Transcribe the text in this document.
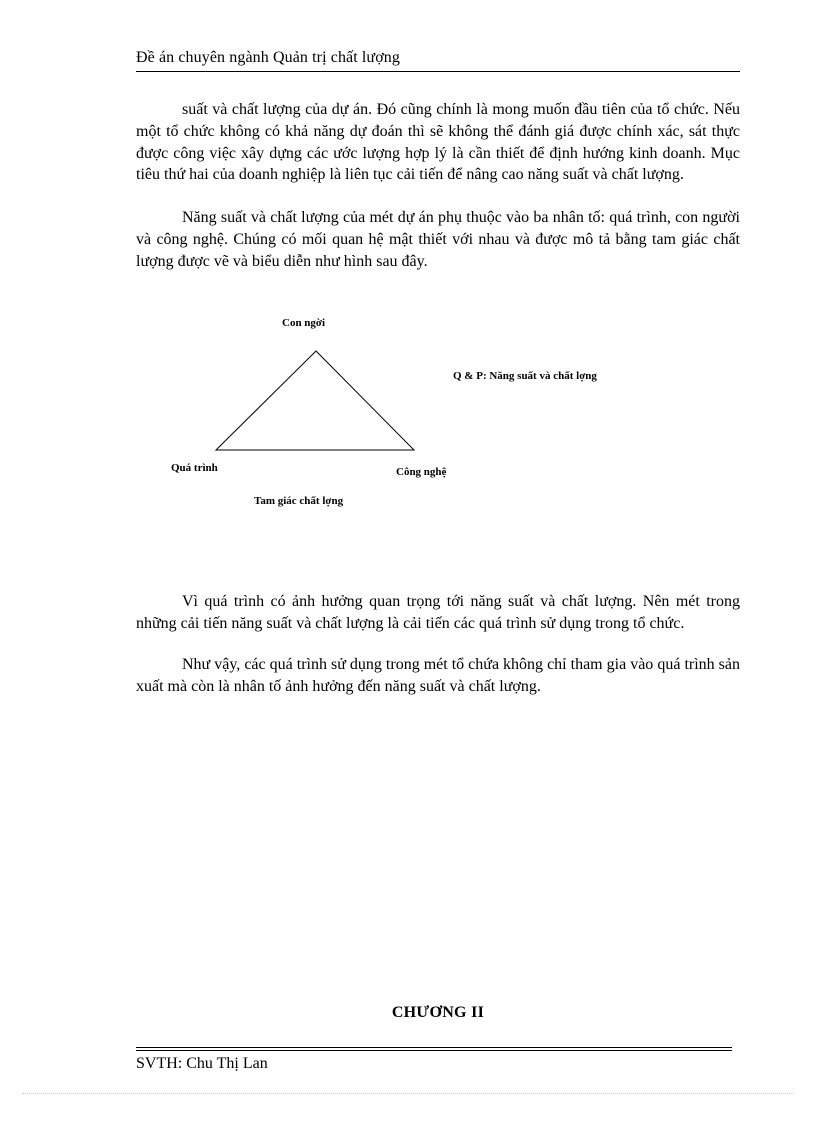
Đề án chuyên ngành Quản trị chất lượng

suất và chất lượng của dự án. Đó cũng chính là mong muốn đầu tiên của tổ chức. Nếu một tổ chức không có khả năng dự đoán thì sẽ không thể đánh giá được chính xác, sát thực được công việc xây dựng các ước lượng hợp lý là cần thiết để định hướng kinh doanh. Mục tiêu thứ hai của doanh nghiệp là liên tục cải tiến để nâng cao năng suất và chất lượng.

Năng suất và chất lượng của mét dự án phụ thuộc vào ba nhân tố: quá trình, con người và công nghệ. Chúng có mối quan hệ mật thiết với nhau và được mô tả bằng tam giác chất lượng được vẽ và biểu diễn như hình sau đây.

Con ngời
Quá trình	Công nghệ
Q & P: Năng suất và chất lợng
Tam giác chất lợng

Vì quá trình có ảnh hưởng quan trọng tới năng suất và chất lượng. Nên mét trong những cải tiến năng suất và chất lượng là cải tiến các quá trình sử dụng trong tổ chức.

Như vậy, các quá trình sử dụng trong mét tổ chứa không chỉ tham gia vào quá trình sản xuất mà còn là nhân tố ảnh hưởng đến năng suất và chất lượng.

CHƯƠNG II
SVTH: Chu Thị Lan
